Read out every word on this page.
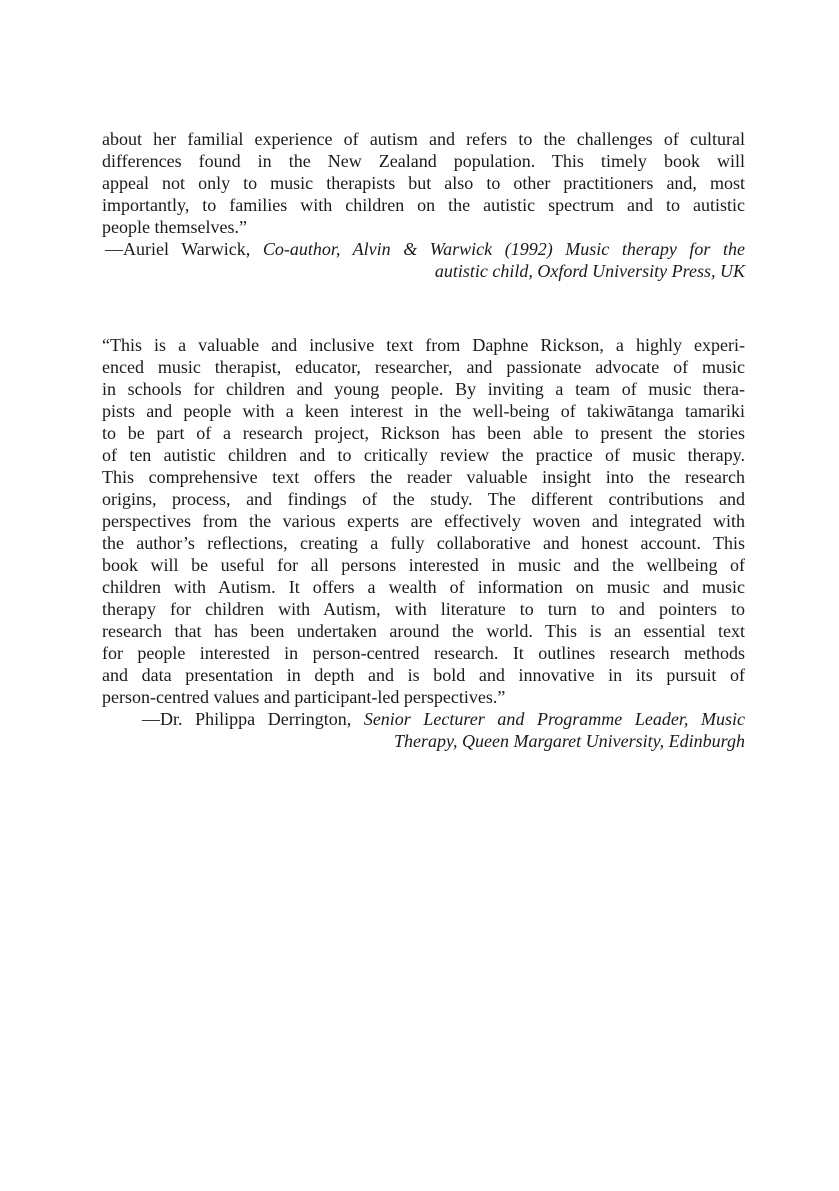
about her familial experience of autism and refers to the challenges of cultural
differences found in the New Zealand population. This timely book will
appeal not only to music therapists but also to other practitioners and, most
importantly, to families with children on the autistic spectrum and to autistic
people themselves.”
—Auriel Warwick, Co-author, Alvin & Warwick (1992) Music therapy for the
autistic child, Oxford University Press, UK
“This is a valuable and inclusive text from Daphne Rickson, a highly experi-
enced music therapist, educator, researcher, and passionate advocate of music
in schools for children and young people. By inviting a team of music thera-
pists and people with a keen interest in the well-being of takiwātanga tamariki
to be part of a research project, Rickson has been able to present the stories
of ten autistic children and to critically review the practice of music therapy.
This comprehensive text offers the reader valuable insight into the research
origins, process, and findings of the study. The different contributions and
perspectives from the various experts are effectively woven and integrated with
the author’s reflections, creating a fully collaborative and honest account. This
book will be useful for all persons interested in music and the wellbeing of
children with Autism. It offers a wealth of information on music and music
therapy for children with Autism, with literature to turn to and pointers to
research that has been undertaken around the world. This is an essential text
for people interested in person-centred research. It outlines research methods
and data presentation in depth and is bold and innovative in its pursuit of
person-centred values and participant-led perspectives.”
—Dr. Philippa Derrington, Senior Lecturer and Programme Leader, Music
Therapy, Queen Margaret University, Edinburgh
